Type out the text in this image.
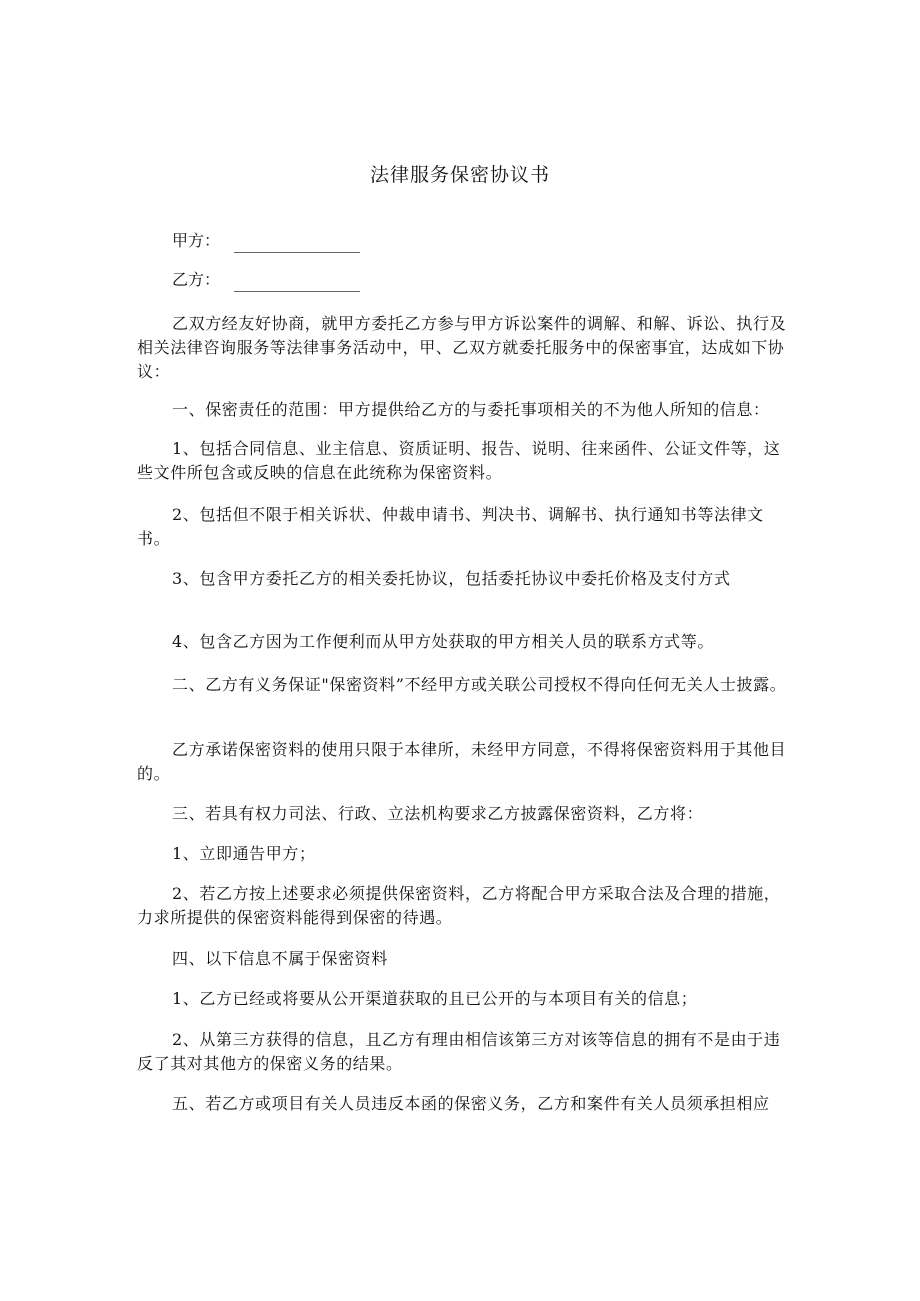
法律服务保密协议书
甲方：
乙方：

乙双方经友好协商，就甲方委托乙方参与甲方诉讼案件的调解、和解、诉讼、执行及相关法律咨询服务等法律事务活动中，甲、乙双方就委托服务中的保密事宜，达成如下协议：

一、保密责任的范围：甲方提供给乙方的与委托事项相关的不为他人所知的信息：

1、包括合同信息、业主信息、资质证明、报告、说明、往来函件、公证文件等，这些文件所包含或反映的信息在此统称为保密资料。

2、包括但不限于相关诉状、仲裁申请书、判决书、调解书、执行通知书等法律文书。

3、包含甲方委托乙方的相关委托协议，包括委托协议中委托价格及支付方式

4、包含乙方因为工作便利而从甲方处获取的甲方相关人员的联系方式等。

二、乙方有义务保证"保密资料”不经甲方或关联公司授权不得向任何无关人士披露。

乙方承诺保密资料的使用只限于本律所，未经甲方同意，不得将保密资料用于其他目的。

三、若具有权力司法、行政、立法机构要求乙方披露保密资料，乙方将：

1、立即通告甲方；

2、若乙方按上述要求必须提供保密资料，乙方将配合甲方采取合法及合理的措施，力求所提供的保密资料能得到保密的待遇。

四、以下信息不属于保密资料

1、乙方已经或将要从公开渠道获取的且已公开的与本项目有关的信息；

2、从第三方获得的信息，且乙方有理由相信该第三方对该等信息的拥有不是由于违反了其对其他方的保密义务的结果。

五、若乙方或项目有关人员违反本函的保密义务，乙方和案件有关人员须承担相应
